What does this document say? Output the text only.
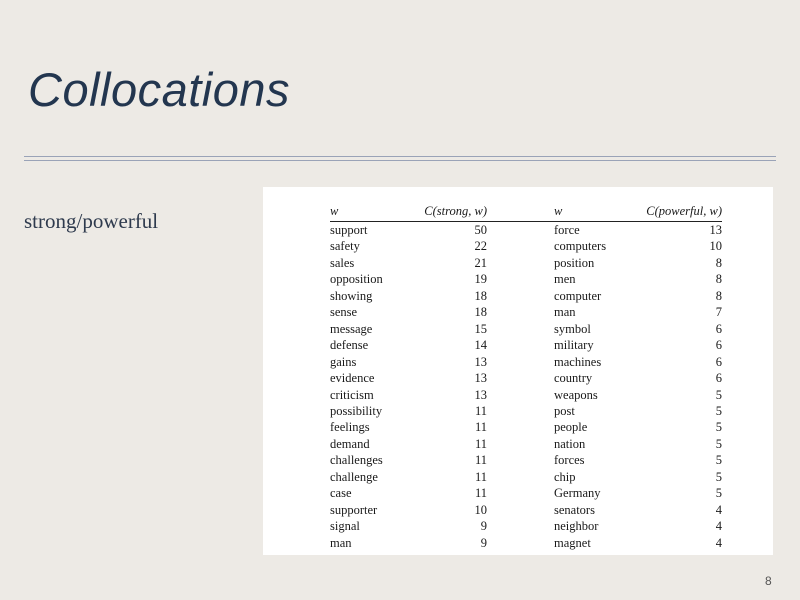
Collocations
strong/powerful	w	C(strong, w)		w	C(powerful, w)
support	50		force	13
safety	22		computers	10
sales	21		position	8
opposition	19		men	8
showing	18		computer	8
sense	18		man	7
message	15		symbol	6
defense	14		military	6
gains	13		machines	6
evidence	13		country	6
criticism	13		weapons	5
possibility	11		post	5
feelings	11		people	5
demand	11		nation	5
challenges	11		forces	5
challenge	11		chip	5
case	11		Germany	5
supporter	10		senators	4
signal	9		neighbor	4
man	9		magnet	4
8
